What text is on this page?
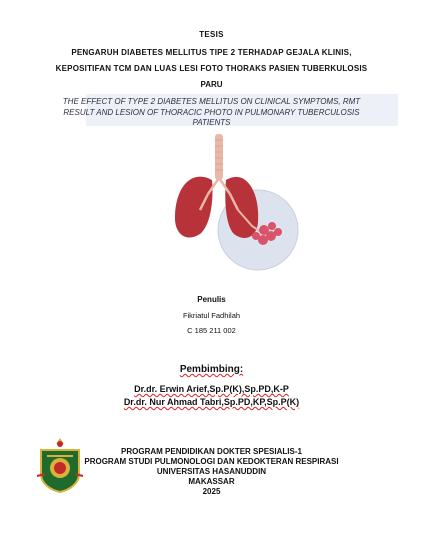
TESIS
PENGARUH DIABETES MELLITUS TIPE 2 TERHADAP GEJALA KLINIS,
KEPOSITIFAN TCM DAN LUAS LESI FOTO THORAKS PASIEN TUBERKULOSIS
PARU
THE EFFECT OF TYPE 2 DIABETES MELLITUS ON CLINICAL SYMPTOMS, RMT
RESULT AND LESION OF THORACIC PHOTO IN PULMONARY TUBERCULOSIS
PATIENTS
Penulis
Fikriatul Fadhilah
C 185 211 002
Pembimbing:
Dr.dr. Erwin Arief,Sp.P(K),Sp.PD,K-P
Dr.dr. Nur Ahmad Tabri,Sp.PD,KP,Sp.P(K)
PROGRAM PENDIDIKAN DOKTER SPESIALIS-1
PROGRAM STUDI PULMONOLOGI DAN KEDOKTERAN RESPIRASI
UNIVERSITAS HASANUDDIN
MAKASSAR
2025
